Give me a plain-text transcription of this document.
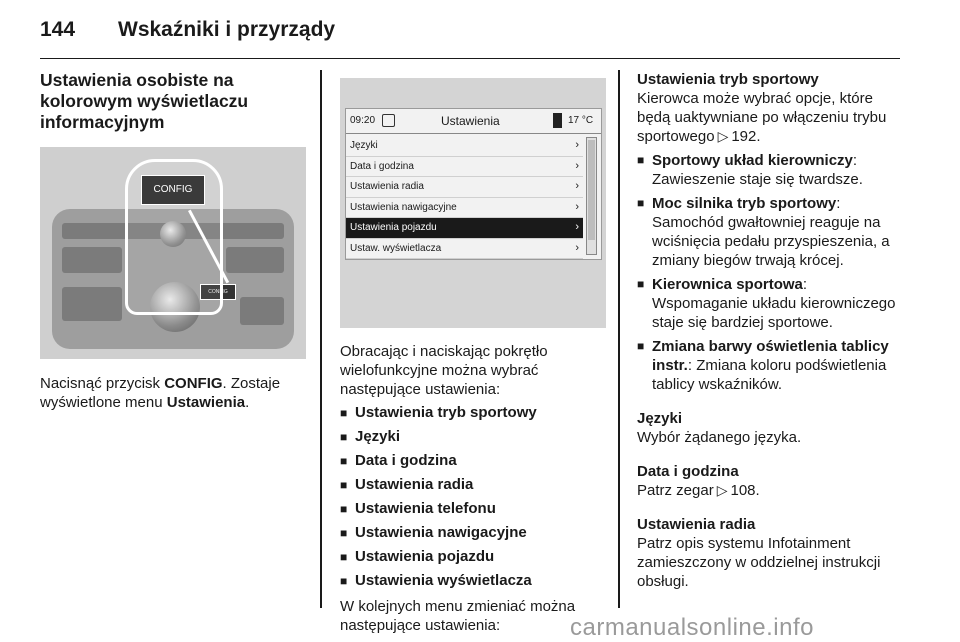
144 Wskaźniki i przyrządy
Ustawienia osobiste na kolorowym wyświetlaczu informacyjnym
CONFIG
CONFIG

Nacisnąć przycisk CONFIG. Zostaje wyświetlone menu Ustawienia.

09:20	Ustawienia	17 °C
Języki	›
Data i godzina	›
Ustawienia radia	›
Ustawienia nawigacyjne	›
Ustawienia pojazdu	›
Ustaw. wyświetlacza	›

Obracając i naciskając pokrętło wielofunkcyjne można wybrać następujące ustawienia:

■ Ustawienia tryb sportowy
■ Języki
■ Data i godzina
■ Ustawienia radia
■ Ustawienia telefonu
■ Ustawienia nawigacyjne
■ Ustawienia pojazdu
■ Ustawienia wyświetlacza

W kolejnych menu zmieniać można następujące ustawienia:

Ustawienia tryb sportowy

Kierowca może wybrać opcje, które będą uaktywniane po włączeniu trybu sportowego ▷ 192.

■ Sportowy układ kierowniczy:
Zawieszenie staje się twardsze.
■ Moc silnika tryb sportowy:
Samochód gwałtowniej reaguje na wciśnięcia pedału przyspieszenia, a zmiany biegów trwają krócej.
■ Kierownica sportowa:
Wspomaganie układu kierowniczego staje się bardziej sportowe.
■ Zmiana barwy oświetlenia tablicy instr.: Zmiana koloru podświetlenia tablicy wskaźników.
Języki

Wybór żądanego języka.

Data i godzina

Patrz zegar ▷ 108.

Ustawienia radia

Patrz opis systemu Infotainment zamieszczony w oddzielnej instrukcji obsługi.

carmanualsonline.info
